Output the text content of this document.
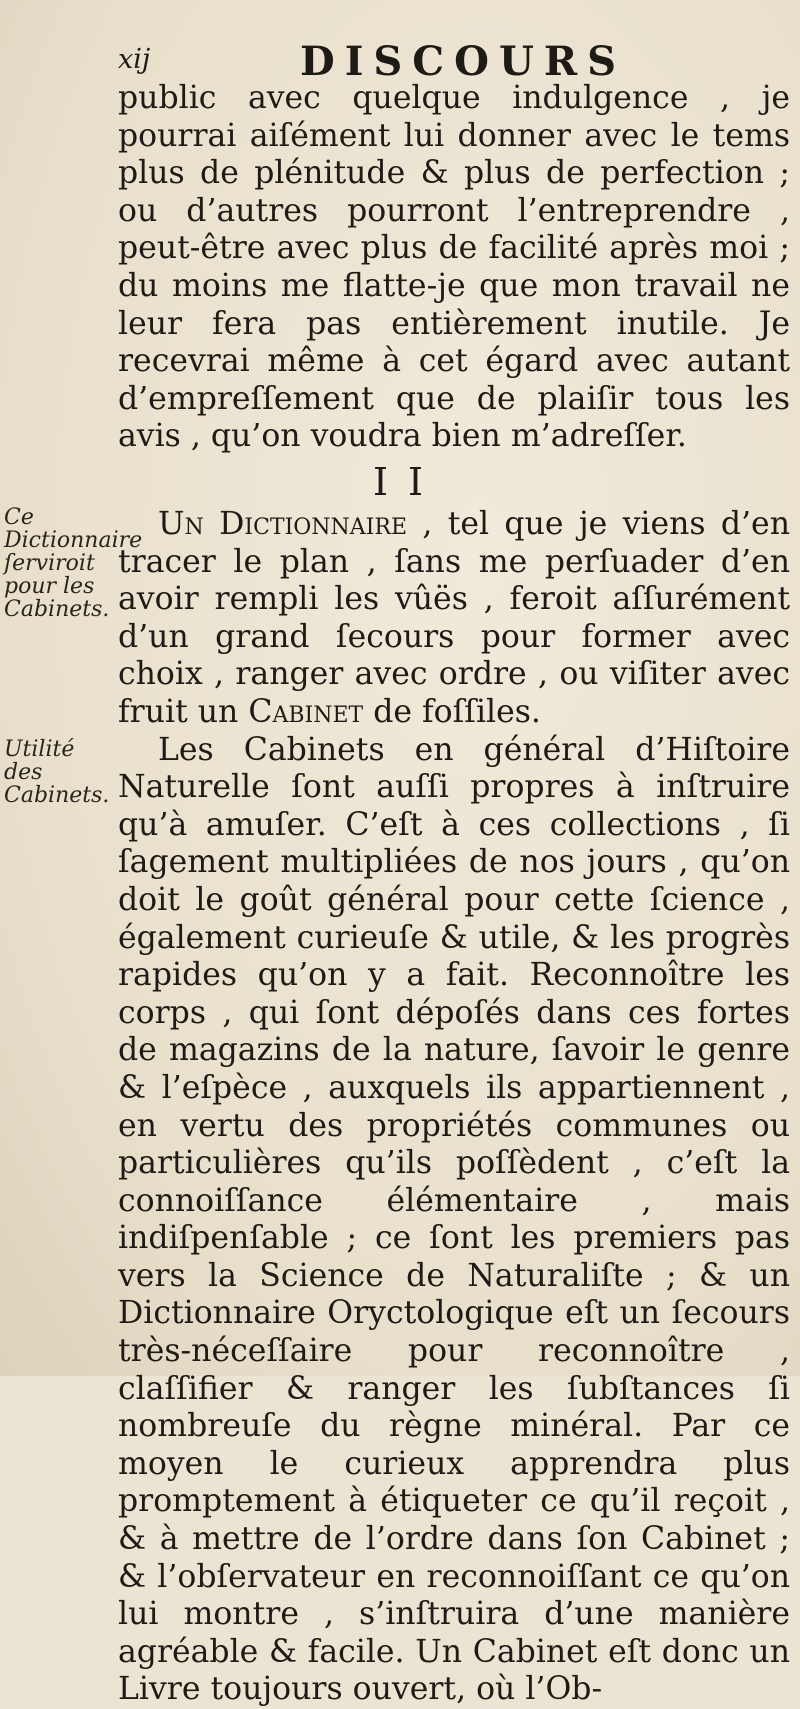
xij	DISCOURS

public avec quelque indulgence , je pourrai aiſément lui donner avec le tems plus de plénitude & plus de perfection ; ou d’autres pourront l’entreprendre , peut-être avec plus de facilité après moi ; du moins me flatte-je que mon travail ne leur fera pas entièrement inutile. Je recevrai même à cet égard avec autant d’empreſſement que de plaiſir tous les avis , qu’on voudra bien m’adreſſer.

I I
Ce Dictionnaire ſerviroit pour les Cabinets.
Utilité des Cabinets.

Un Dictionnaire , tel que je viens d’en tracer le plan , ſans me perſuader d’en avoir rempli les vûës , feroit aſſurément d’un grand ſecours pour former avec choix , ranger avec ordre , ou viſiter avec fruit un Cabinet de foſſiles.

Les Cabinets en général d’Hiſtoire Naturelle ſont auſſi propres à inſtruire qu’à amuſer. C’eſt à ces collections , ſi ſagement multipliées de nos jours , qu’on doit le goût général pour cette ſcience , également curieuſe & utile, & les progrès rapides qu’on y a fait. Reconnoître les corps , qui ſont dépoſés dans ces fortes de magazins de la nature, ſavoir le genre & l’eſpèce , auxquels ils appartiennent , en vertu des propriétés communes ou particulières qu’ils poſſèdent , c’eſt la connoiſſance élémentaire , mais indiſpenſable ; ce ſont les premiers pas vers la Science de Naturaliſte ; & un Dictionnaire Oryctologique eſt un ſecours très-néceſſaire pour reconnoître , claſſifier & ranger les ſubſtances ſi nombreuſe du règne minéral. Par ce moyen le curieux apprendra plus promptement à étiqueter ce qu’il reçoit , & à mettre de l’ordre dans ſon Cabinet ; & l’obſervateur en reconnoiſſant ce qu’on lui montre , s’inſtruira d’une manière agréable & facile. Un Cabinet eſt donc un Livre toujours ouvert, où l’Ob-
